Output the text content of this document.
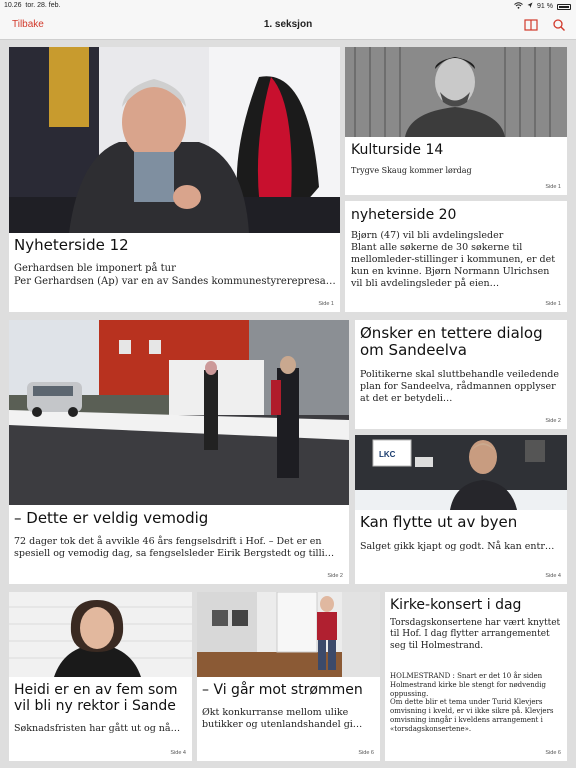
10.26 tor. 28. feb.	91 %
Tilbake	1. seksjon
Nyheterside 12

Gerhardsen ble imponert på tur
Per Gerhardsen (Ap) var en av Sandes kommunestyrerepresa…

Side 1
Kulturside 14

Trygve Skaug kommer lørdag

Side 1
nyheterside 20

Bjørn (47) vil bli avdelingsleder
Blant alle søkerne de 30 søkerne til mellomleder-stillinger i kommunen, er det kun en kvinne. Bjørn Normann Ulrichsen vil bli avdelingsleder på eien…

Side 1
– Dette er veldig vemodig

72 dager tok det å avvikle 46 års fengselsdrift i Hof. – Det er en spesiell og vemodig dag, sa fengselsleder Eirik Bergstedt og tilli…

Side 2
Ønsker en tettere dialog om Sandeelva

Politikerne skal sluttbehandle veiledende plan for Sandeelva, rådmannen opplyser at det er betydeli…

Side 2
LKC
Kan flytte ut av byen

Salget gikk kjapt og godt. Nå kan entr…

Side 4
Heidi er en av fem som vil bli ny rektor i Sande

Søknadsfristen har gått ut og nå…

Side 4
– Vi går mot strømmen

Økt konkurranse mellom ulike butikker og utenlandshandel gi…

Side 6
Kirke-konsert i dag

Torsdagskonsertene har vært knyttet til Hof. I dag flytter arrangementet seg til Holmestrand.

HOLMESTRAND : Snart er det 10 år siden Holmestrand kirke ble stengt for nødvendig oppussing.
Om dette blir et tema under Turid Klevjers omvisning i kveld, er vi ikke sikre på. Klevjers omvisning inngår i kveldens arrangement i «torsdagskonsertene».

Side 6
